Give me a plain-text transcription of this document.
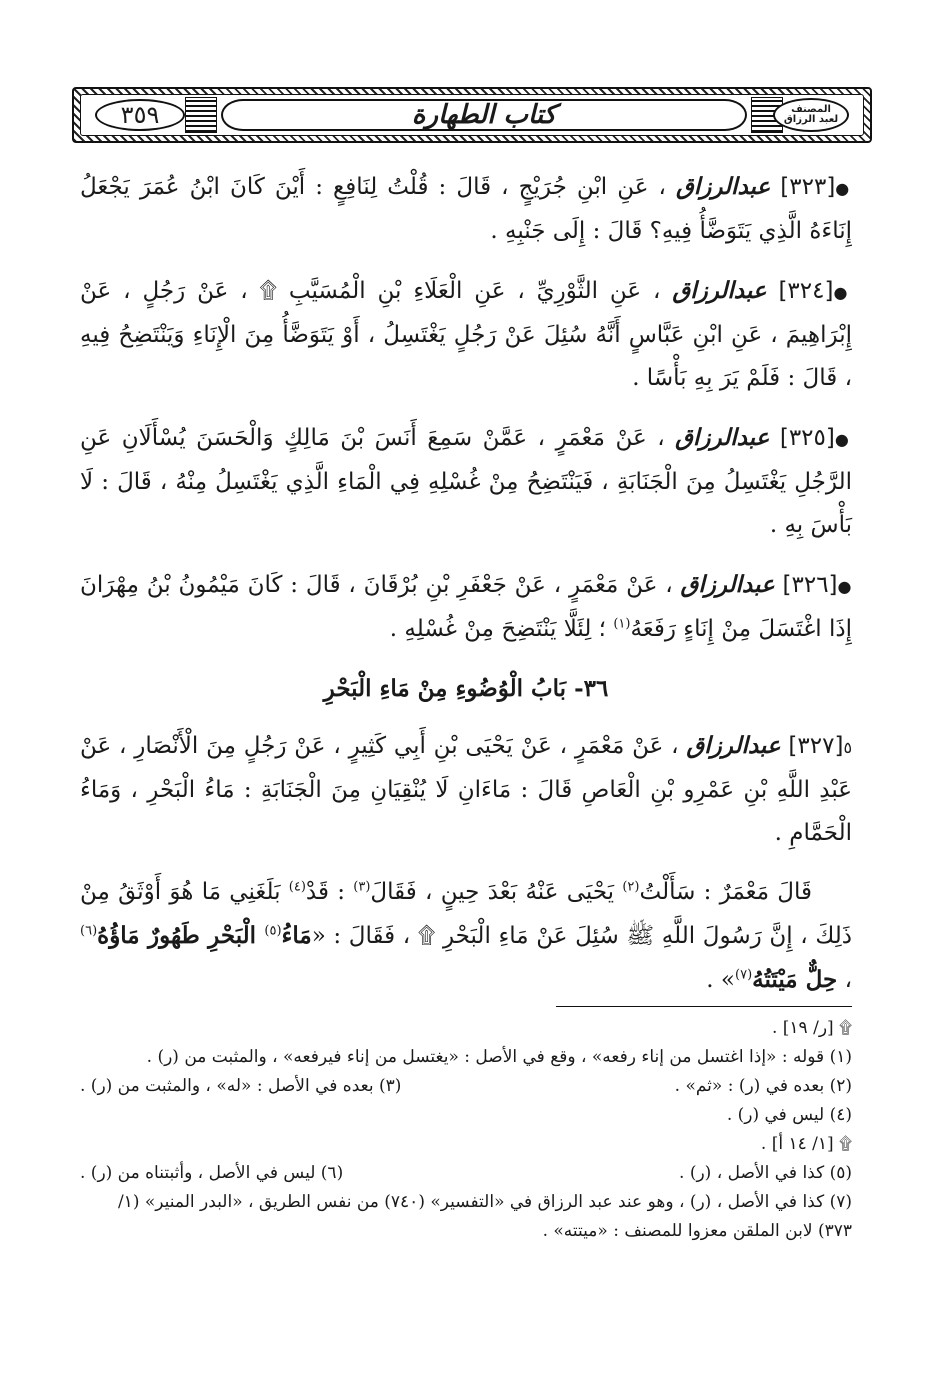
٣٥٩	كتاب الطهارة	المصنف
لعبد الرزاق

●[٣٢٣] عبدالرزاق ، عَنِ ابْنِ جُرَيْجٍ ، قَالَ : قُلْتُ لِنَافِعٍ : أَيْنَ كَانَ ابْنُ عُمَرَ يَجْعَلُ إِنَاءَهُ الَّذِي يَتَوَضَّأُ فِيهِ؟ قَالَ : إِلَى جَنْبِهِ .

●[٣٢٤] عبدالرزاق ، عَنِ الثَّوْرِيِّ ، عَنِ الْعَلَاءِ بْنِ الْمُسَيَّبِ ۩ ، عَنْ رَجُلٍ ، عَنْ إِبْرَاهِيمَ ، عَنِ ابْنِ عَبَّاسٍ أَنَّهُ سُئِلَ عَنْ رَجُلٍ يَغْتَسِلُ ، أَوْ يَتَوَضَّأُ مِنَ الْإِنَاءِ وَيَنْتَضِحُ فِيهِ ، قَالَ : فَلَمْ يَرَ بِهِ بَأْسًا .

●[٣٢٥] عبدالرزاق ، عَنْ مَعْمَرٍ ، عَمَّنْ سَمِعَ أَنَسَ بْنَ مَالِكٍ وَالْحَسَنَ يُسْأَلَانِ عَنِ الرَّجُلِ يَغْتَسِلُ مِنَ الْجَنَابَةِ ، فَيَنْتَضِحُ مِنْ غُسْلِهِ فِي الْمَاءِ الَّذِي يَغْتَسِلُ مِنْهُ ، قَالَ : لَا بَأْسَ بِهِ .

●[٣٢٦] عبدالرزاق ، عَنْ مَعْمَرٍ ، عَنْ جَعْفَرِ بْنِ بُرْقَانَ ، قَالَ : كَانَ مَيْمُونُ بْنُ مِهْرَانَ إِذَا اغْتَسَلَ مِنْ إِنَاءٍ رَفَعَهُ$^{(١)}$ ؛ لِئَلَّا يَنْتَضِحَ مِنْ غُسْلِهِ .

٣٦- بَابُ الْوُضُوءِ مِنْ مَاءِ الْبَحْرِ

٥[٣٢٧] عبدالرزاق ، عَنْ مَعْمَرٍ ، عَنْ يَحْيَى بْنِ أَبِي كَثِيرٍ ، عَنْ رَجُلٍ مِنَ الْأَنْصَارِ ، عَنْ عَبْدِ اللَّهِ بْنِ عَمْرِو بْنِ الْعَاصِ قَالَ : مَاءَانِ لَا يُنْقِيَانِ مِنَ الْجَنَابَةِ : مَاءُ الْبَحْرِ ، وَمَاءُ الْحَمَّامِ .

قَالَ مَعْمَرٌ : سَأَلْتُ$^{(٢)}$ يَحْيَى عَنْهُ بَعْدَ حِينٍ ، فَقَالَ$^{(٣)}$ : قَدْ$^{(٤)}$ بَلَغَنِي مَا هُوَ أَوْثَقُ مِنْ ذَلِكَ ، إِنَّ رَسُولَ اللَّهِ ﷺ سُئِلَ عَنْ مَاءِ الْبَحْرِ ۩ ، فَقَالَ : «مَاءُ$^{(٥)}$ الْبَحْرِ طَهُورٌ مَاؤُهُ$^{(٦)}$ ، حِلٌّ مَيْتَتُهُ$^{(٧)}$» .

۩ [ر/ ١٩] .
(١) قوله : «إذا اغتسل من إناء رفعه» ، وقع في الأصل : «يغتسل من إناء فيرفعه» ، والمثبت من (ر) .
(٢) بعده في (ر) : «ثم» .
(٣) بعده في الأصل : «له» ، والمثبت من (ر) .
(٤) ليس في (ر) .
۩ [١/ ١٤ أ] .
(٥) كذا في الأصل ، (ر) .
(٦) ليس في الأصل ، وأثبتناه من (ر) .
(٧) كذا في الأصل ، (ر) ، وهو عند عبد الرزاق في «التفسير» (٧٤٠) من نفس الطريق ، «البدر المنير» (١/ ٣٧٣) لابن الملقن معزوا للمصنف : «ميتته» .
